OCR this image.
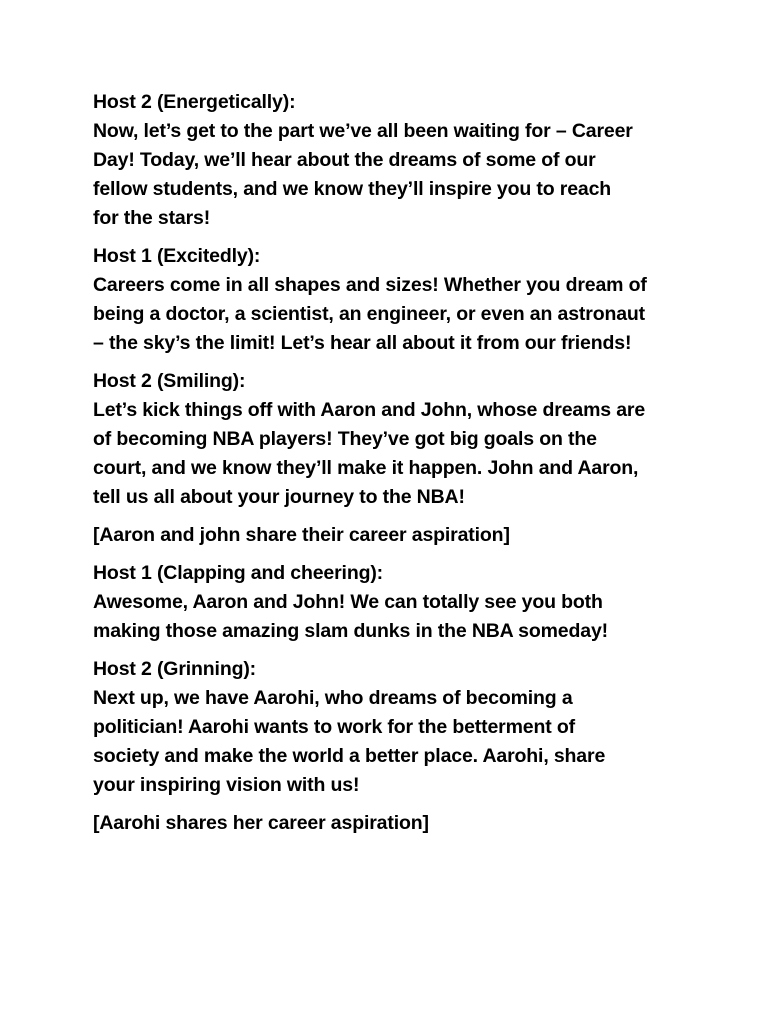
Host 2 (Energetically):
Now, let’s get to the part we’ve all been waiting for – Career
Day! Today, we’ll hear about the dreams of some of our
fellow students, and we know they’ll inspire you to reach
for the stars!
Host 1 (Excitedly):
Careers come in all shapes and sizes! Whether you dream of
being a doctor, a scientist, an engineer, or even an astronaut
– the sky’s the limit! Let’s hear all about it from our friends!
Host 2 (Smiling):
Let’s kick things off with Aaron and John, whose dreams are
of becoming NBA players! They’ve got big goals on the
court, and we know they’ll make it happen. John and Aaron,
tell us all about your journey to the NBA!
[Aaron and john share their career aspiration]
Host 1 (Clapping and cheering):
Awesome, Aaron and John! We can totally see you both
making those amazing slam dunks in the NBA someday!
Host 2 (Grinning):
Next up, we have Aarohi, who dreams of becoming a
politician! Aarohi wants to work for the betterment of
society and make the world a better place. Aarohi, share
your inspiring vision with us!
[Aarohi shares her career aspiration]
